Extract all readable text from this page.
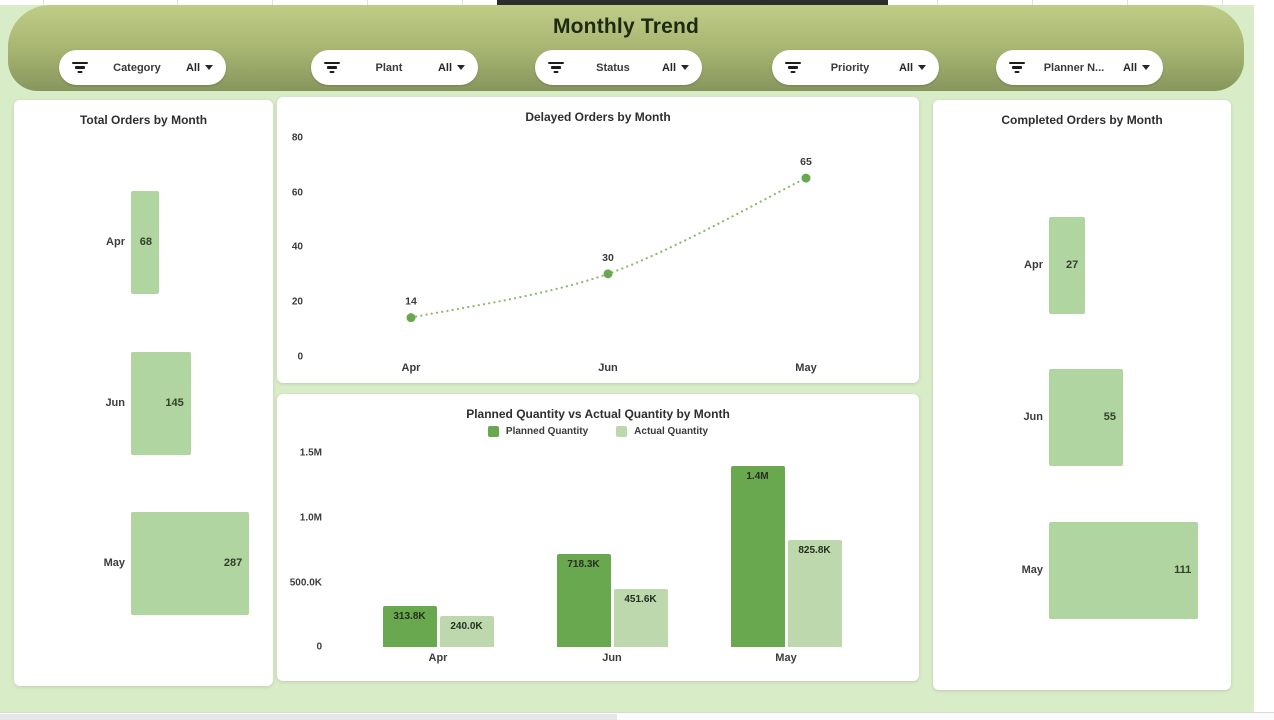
Monthly Trend
Category	All	Plant	All	Status	All	Priority	All	Planner N...	All
Total Orders by Month
68
Apr
145
Jun
287
May
Delayed Orders by Month
80
60
40
20
0
14
Apr
30
Jun
65
May
Planned Quantity vs Actual Quantity by Month
Planned Quantity	Actual Quantity
1.5M
1.0M
500.0K
0
313.8K
240.0K
Apr
718.3K
451.6K
Jun
1.4M
825.8K
May
Completed Orders by Month
27
Apr
55
Jun
111
May
